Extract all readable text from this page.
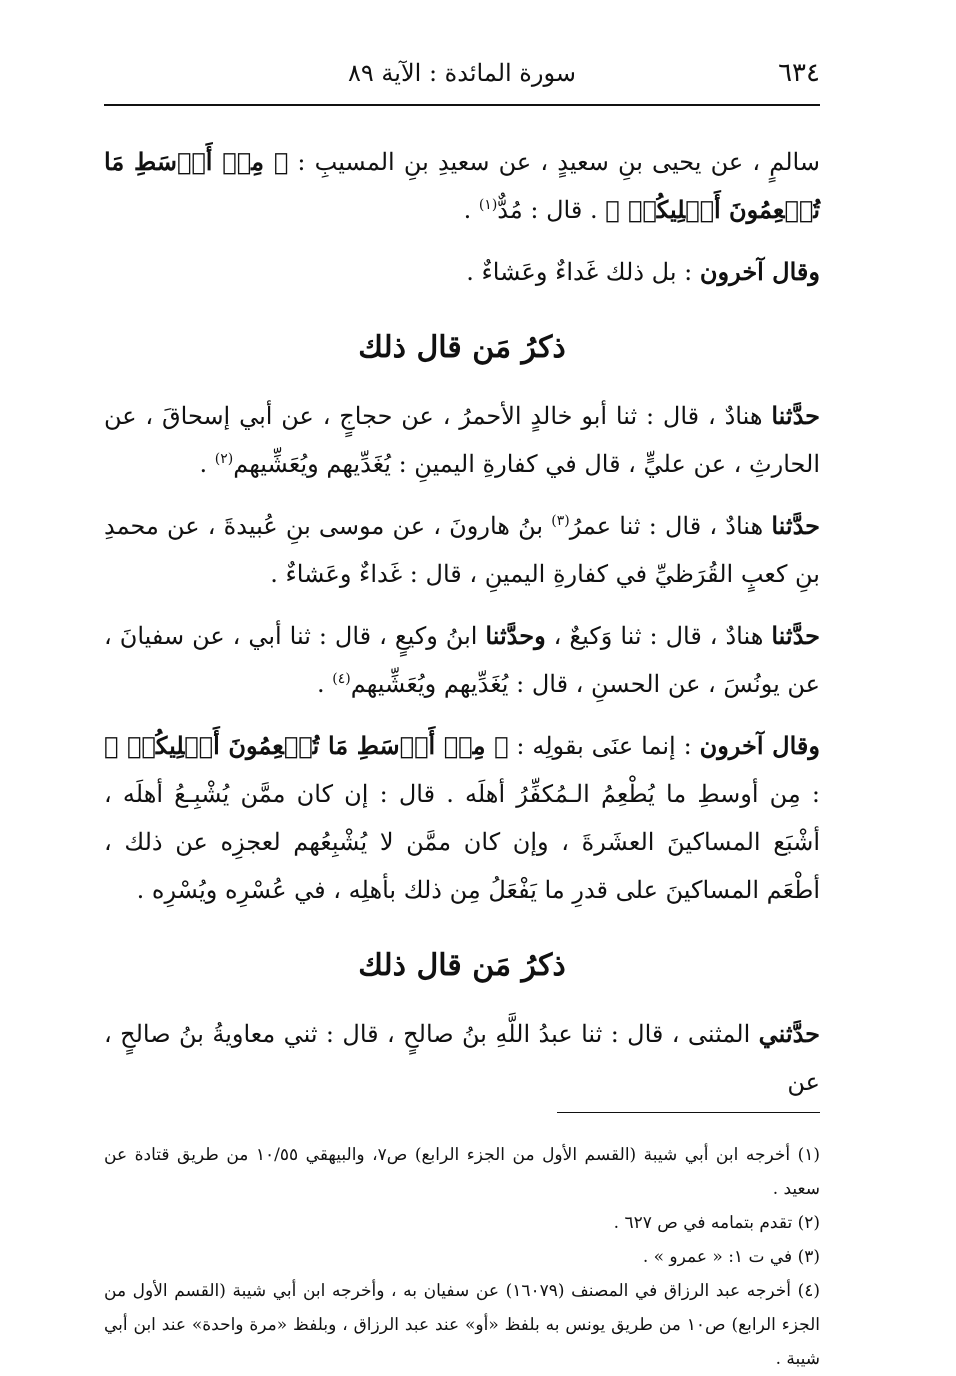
٦٣٤
سورة المائدة : الآية ٨٩

سالمٍ ، عن يحيى بنِ سعيدٍ ، عن سعيدِ بنِ المسيبِ : ﴿ مِنۡ أَوۡسَطِ مَا تُطۡعِمُونَ أَهۡلِيكُمۡ ﴾ . قال : مُدٌّ$^{(١)}$ .

وقال آخرون : بل ذلك غَداءٌ وعَشاءٌ .

ذكرُ مَن قال ذلك

حدَّثنا هنادٌ ، قال : ثنا أبو خالدٍ الأحمرُ ، عن حجاجٍ ، عن أبي إسحاقَ ، عن الحارثِ ، عن عليٍّ ، قال في كفارةِ اليمينِ : يُغَدِّيهم ويُعَشِّيهم$^{(٢)}$ .

حدَّثنا هنادٌ ، قال : ثنا عمرُ$^{(٣)}$ بنُ هارونَ ، عن موسى بنِ عُبيدةَ ، عن محمدِ بنِ كعبٍ القُرَظيِّ في كفارةِ اليمينِ ، قال : غَداءٌ وعَشاءٌ .

حدَّثنا هنادٌ ، قال : ثنا وَكيعٌ ، وحدَّثنا ابنُ وكيعٍ ، قال : ثنا أبي ، عن سفيانَ ، عن يونُسَ ، عن الحسنِ ، قال : يُغَدِّيهم ويُعَشِّيهم$^{(٤)}$ .

وقال آخرون : إنما عنَى بقولِه : ﴿ مِنۡ أَوۡسَطِ مَا تُطۡعِمُونَ أَهۡلِيكُمۡ ﴾ : مِن أوسطِ ما يُطْعِمُ الـمُكفِّرُ أهلَه . قال : إن كان ممَّن يُشْبِـعُ أهلَه ، أشْبَع المساكينَ العشَرةَ ، وإن كان ممَّن لا يُشْبِعُهم لعجزِه عن ذلك ، أطْعَم المساكينَ على قدرِ ما يَفْعَلُ مِن ذلك بأهلِه ، في عُسْرِه ويُسْرِه .

ذكرُ مَن قال ذلك

حدَّثني المثنى ، قال : ثنا عبدُ اللَّهِ بنُ صالحٍ ، قال : ثني معاويةُ بنُ صالحٍ ، عن

(١) أخرجه ابن أبي شيبة (القسم الأول من الجزء الرابع) ص٧، والبيهقي ١٠/٥٥ من طريق قتادة عن سعيد .

(٢) تقدم بتمامه في ص ٦٢٧ .

(٣) في ت ١: « عمرو » .

(٤) أخرجه عبد الرزاق في المصنف (١٦٠٧٩) عن سفيان به ، وأخرجه ابن أبي شيبة (القسم الأول من الجزء الرابع) ص١٠ من طريق يونس به بلفظ «أو» عند عبد الرزاق ، وبلفظ «مرة واحدة» عند ابن أبي شيبة .
